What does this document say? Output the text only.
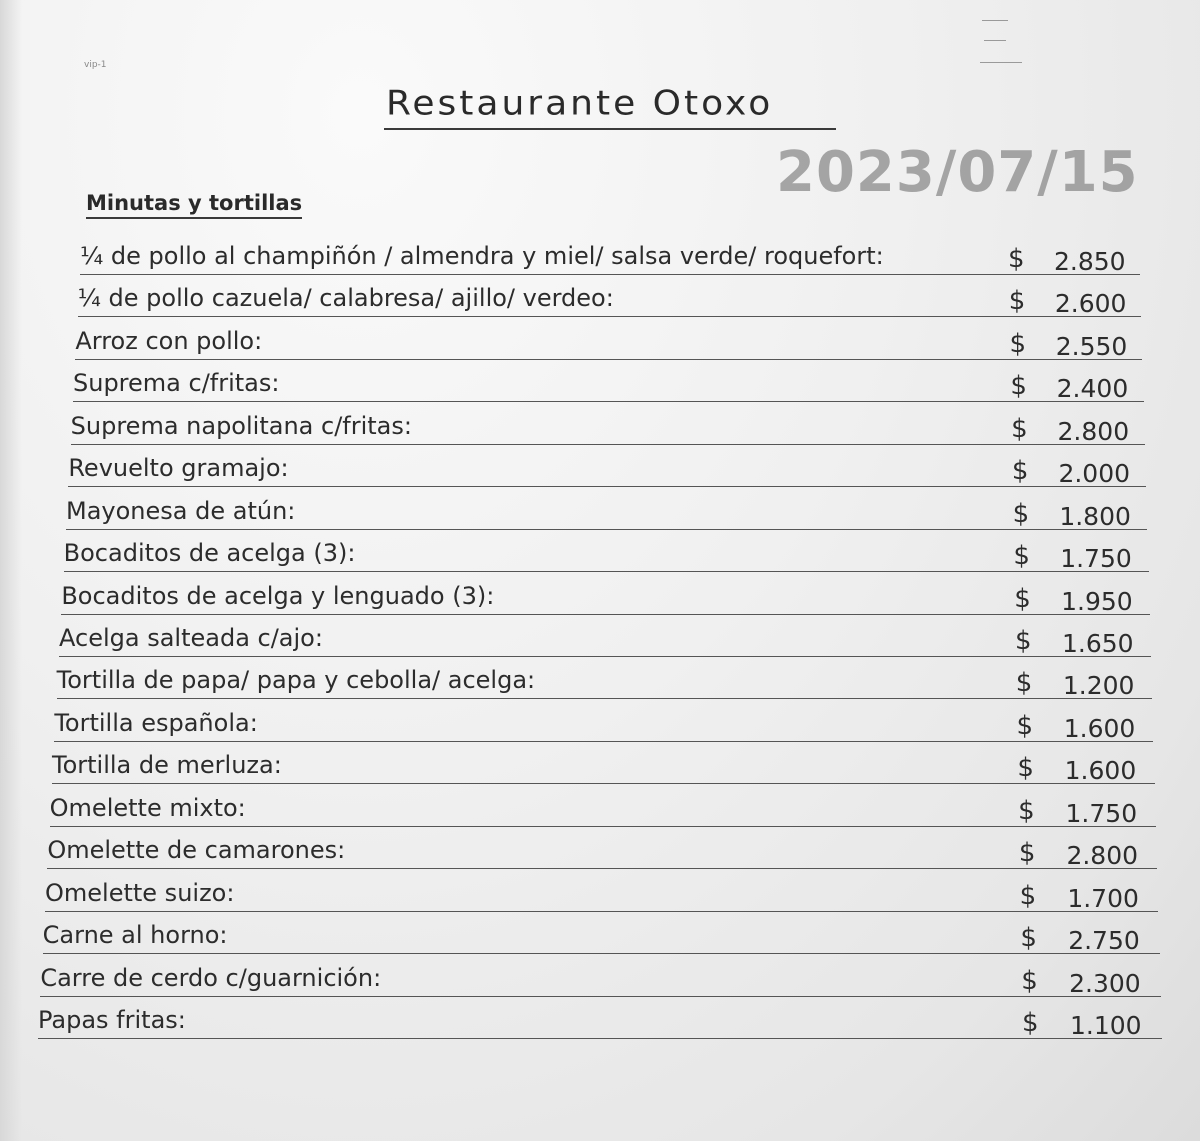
vip-1
Restaurante Otoxo
2023/07/15
Minutas y tortillas
¼ de pollo al champiñón / almendra y miel/ salsa verde/ roquefort:	$ 2.850
¼ de pollo cazuela/ calabresa/ ajillo/ verdeo:	$ 2.600
Arroz con pollo:	$ 2.550
Suprema c/fritas:	$ 2.400
Suprema napolitana c/fritas:	$ 2.800
Revuelto gramajo:	$ 2.000
Mayonesa de atún:	$ 1.800
Bocaditos de acelga (3):	$ 1.750
Bocaditos de acelga y lenguado (3):	$ 1.950
Acelga salteada c/ajo:	$ 1.650
Tortilla de papa/ papa y cebolla/ acelga:	$ 1.200
Tortilla española:	$ 1.600
Tortilla de merluza:	$ 1.600
Omelette mixto:	$ 1.750
Omelette de camarones:	$ 2.800
Omelette suizo:	$ 1.700
Carne al horno:	$ 2.750
Carre de cerdo c/guarnición:	$ 2.300
Papas fritas:	$ 1.100
